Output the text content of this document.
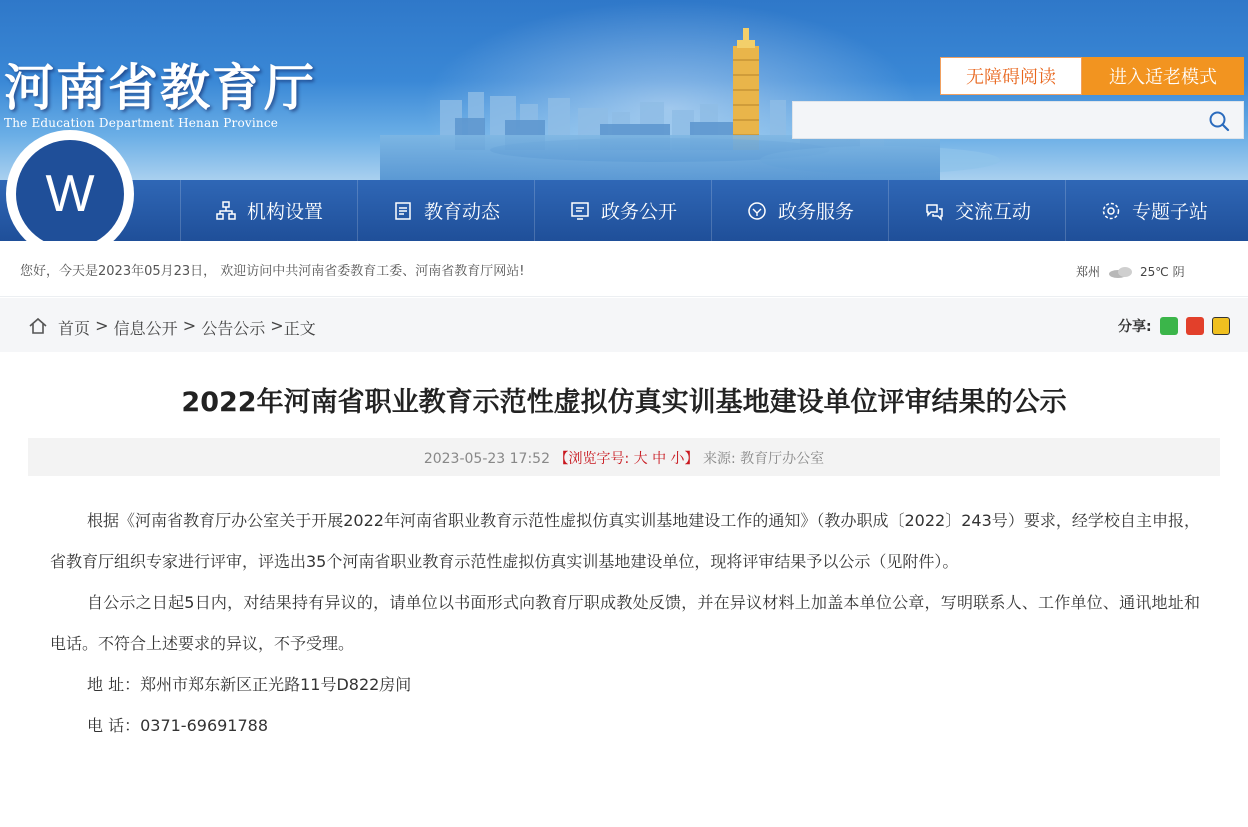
河南省教育厅
The Education Department Henan Province
无障碍阅读	进入适老模式
机构设置	教育动态	政务公开	政务服务	交流互动	专题子站
W
您好，今天是2023年05月23日， 欢迎访问中共河南省委教育工委、河南省教育厅网站!	郑州	25℃ 阴
首页 > 信息公开 > 公告公示 > 正文	分享:
2022年河南省职业教育示范性虚拟仿真实训基地建设单位评审结果的公示
2023-05-23 17:52 【浏览字号: 大 中 小】 来源: 教育厅办公室

根据《河南省教育厅办公室关于开展2022年河南省职业教育示范性虚拟仿真实训基地建设工作的通知》（教办职成〔2022〕243号）要求，经学校自主申报，省教育厅组织专家进行评审，评选出35个河南省职业教育示范性虚拟仿真实训基地建设单位，现将评审结果予以公示（见附件）。

自公示之日起5日内，对结果持有异议的，请单位以书面形式向教育厅职成教处反馈，并在异议材料上加盖本单位公章，写明联系人、工作单位、通讯地址和电话。不符合上述要求的异议，不予受理。

地 址：郑州市郑东新区正光路11号D822房间

电 话：0371-69691788
